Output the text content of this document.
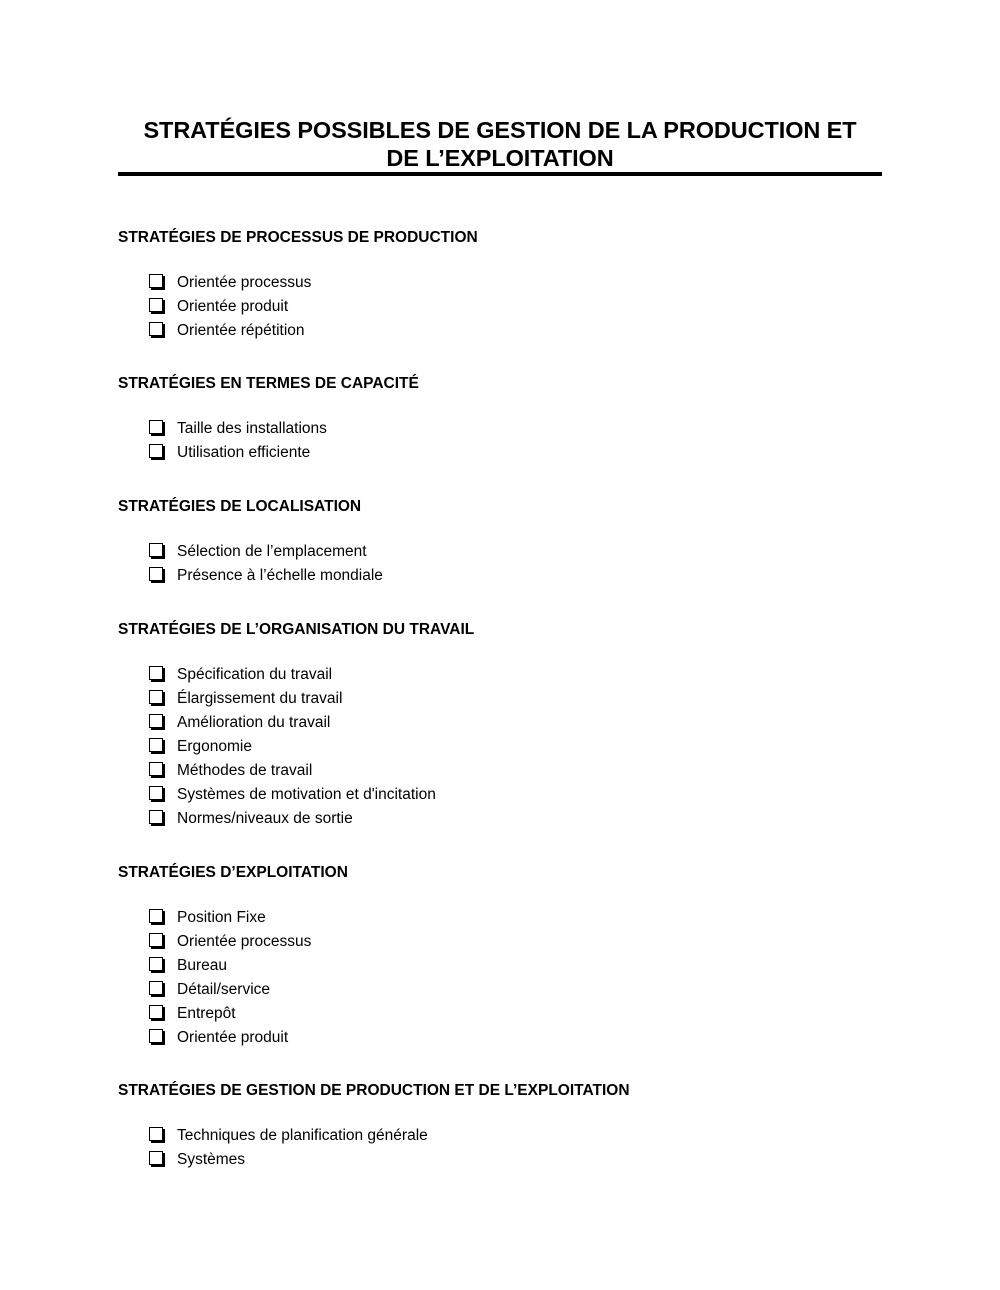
STRATÉGIES POSSIBLES DE GESTION DE LA PRODUCTION ET
DE L’EXPLOITATION
STRATÉGIES DE PROCESSUS DE PRODUCTION
Orientée processus
Orientée produit
Orientée répétition
STRATÉGIES EN TERMES DE CAPACITÉ
Taille des installations
Utilisation efficiente
STRATÉGIES DE LOCALISATION
Sélection de l’emplacement
Présence à l’échelle mondiale
STRATÉGIES DE L’ORGANISATION DU TRAVAIL
Spécification du travail
Élargissement du travail
Amélioration du travail
Ergonomie
Méthodes de travail
Systèmes de motivation et d'incitation
Normes/niveaux de sortie
STRATÉGIES D’EXPLOITATION
Position Fixe
Orientée processus
Bureau
Détail/service
Entrepôt
Orientée produit
STRATÉGIES DE GESTION DE PRODUCTION ET DE L’EXPLOITATION
Techniques de planification générale
Systèmes
